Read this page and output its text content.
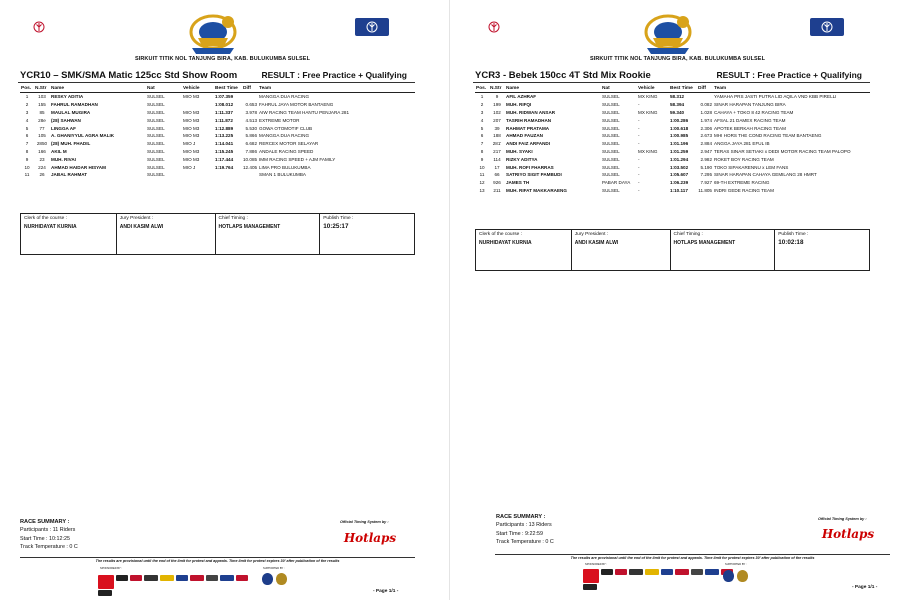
SIRKUIT TITIK NOL TANJUNG BIRA, KAB. BULUKUMBA SULSEL
YCR10 – SMK/SMA Matic 125cc Std Show Room	RESULT : Free Practice + Qualifying
Pos.	N.Str	Name	Nat	Vehicle	Best Time	Diff	Team
1	103	RESKY ADITIA	SULSEL	MIO M3	1:07.359		MANGGA DUA RACING
2	155	FAHRUL RAMADHAN	SULSEL		1:08.012	0.653	FAHRUL JAYA MOTOR BANTAENG
3	85	MAULAL MUGIRA	SULSEL	MIO M3	1:11.337	3.978	AIW RACING TEAM HANTU PENJARA 281
4	28e	(28) SAHWAN	SULSEL	MIO M3	1:11.872	4.513	EXTREME MOTOR
5	77	LINGGA AF	SULSEL	MIO M3	1:12.889	5.530	GOWA OTOMOTIF CLUB
6	105	A. GHANIYYUL AGRA MALIK	SULSEL	MIO M3	1:13.225	5.866	MANGGA DUA RACING
7	2850	(28) MUH. FHADIL	SULSEL	MIO J	1:14.041	6.682	RERCEX MOTOR SELAYAR
8	166	AKIL M	SULSEL	MIO M3	1:15.245	7.886	ANDALE RACING SPEED
9	23	MUH. RIVAI	SULSEL	MIO M3	1:17.444	10.085	IMM RACING SPEED + AJM FAMILY
10	224	AHMAD HAIDAR HISYAM	SULSEL	MIO J	1:19.764	12.405	LIMA PRO BULUKUMBA
11	26	JABAL RAHMAT	SULSEL				SMAN 1 BULUKUMBA
Clerk of the course :
NURHIDAYAT KURNIA
Jury President :
ANDI KASIM ALWI
Chief Timing :
HOTLAPS MANAGEMENT
Publish Time :
10:25:17
RACE SUMMARY :
Participants : 11 Riders
Start Time : 10:12:25
Track Temperature : 0 C
Official Timing System by :
Hotlaps
The results are provisional until the end of the limit for protest and appeals. Time limit for protest expires 30' after publication of the results
SPONSORED BY :	SUPPORTED BY :
- Page 1/1 -
SIRKUIT TITIK NOL TANJUNG BIRA, KAB. BULUKUMBA SULSEL
YCR3 - Bebek 150cc 4T Std Mix Rookie	RESULT : Free Practice + Qualifying
Pos.	N.Str	Name	Nat	Vehicle	Best Time	Diff	Team
1	9	AFIL AZHRAF	SULSEL	MX KING	58.312		YAMAHA PRS JASTI PUTRA LID AQILA VND KBB PIRELLI
2	199	MUH. RIFQI	SULSEL	-	58.394	0.082	SINAR HARAPAN TANJUNG BIRA
3	102	MUH. RIDWAN ANSAR	SULSEL	MX KING	59.340	1.028	CAHAYA + TOKO 8 42 RACING TEAM
4	207	TASRIH RAMADHAN	SULSEL	-	1:00.286	1.974	AFSAL 21 DAMEX RACING TEAM
5	39	RAHMAT PRATAMA	SULSEL	-	1:00.618	2.306	APOTEK BERKAH RACING TEAM
6	188	AHMAD FAUZAN	SULSEL	-	1:00.985	2.673	MHI HORS THE COND RACING TEAM BANTAENG
7	281'	ANDI FAIZ ARFANDI	SULSEL	-	1:01.196	2.884	ANGGA JAYA 281 EFUL IB
8	217	MUH. SYAKI	SULSEL	MX KING	1:01.259	2.947	TERAS SINAR SETIAKI x DEDI MOTOR RACING TEAM PALOPO
9	114	RIZKY ADITYA	SULSEL	-	1:01.294	2.982	ROKET BOY RACING TEAM
10	17	MUH. ROFI FHARRAS	SULSEL	-	1:03.502	5.190	TOKO SIPAKARENNU x LEM FANS
11	66	SATRIYO SIGIT PAMBUDI	SULSEL	-	1:05.607	7.295	SINAR HARAPAN CAHAYA GEMILANG 28 HMRT
12	926	JAMES TH	PABAR DAYA	-	1:06.239	7.927	69-TH EXTREME RACING
13	211	MUH. RIFAT MAKKARAENG	SULSEL	-	1:10.117	11.805	INDRI GEDE RACING TEAM
Clerk of the course :
NURHIDAYAT KURNIA
Jury President :
ANDI KASIM ALWI
Chief Timing :
HOTLAPS MANAGEMENT
Publish Time :
10:02:18
RACE SUMMARY :
Participants : 13 Riders
Start Time : 9:22:59
Track Temperature : 0 C
Official Timing System by :
Hotlaps
The results are provisional until the end of the limit for protest and appeals. Time limit for protest expires 30' after publication of the results
SPONSORED BY :	SUPPORTED BY :
- Page 1/1 -
